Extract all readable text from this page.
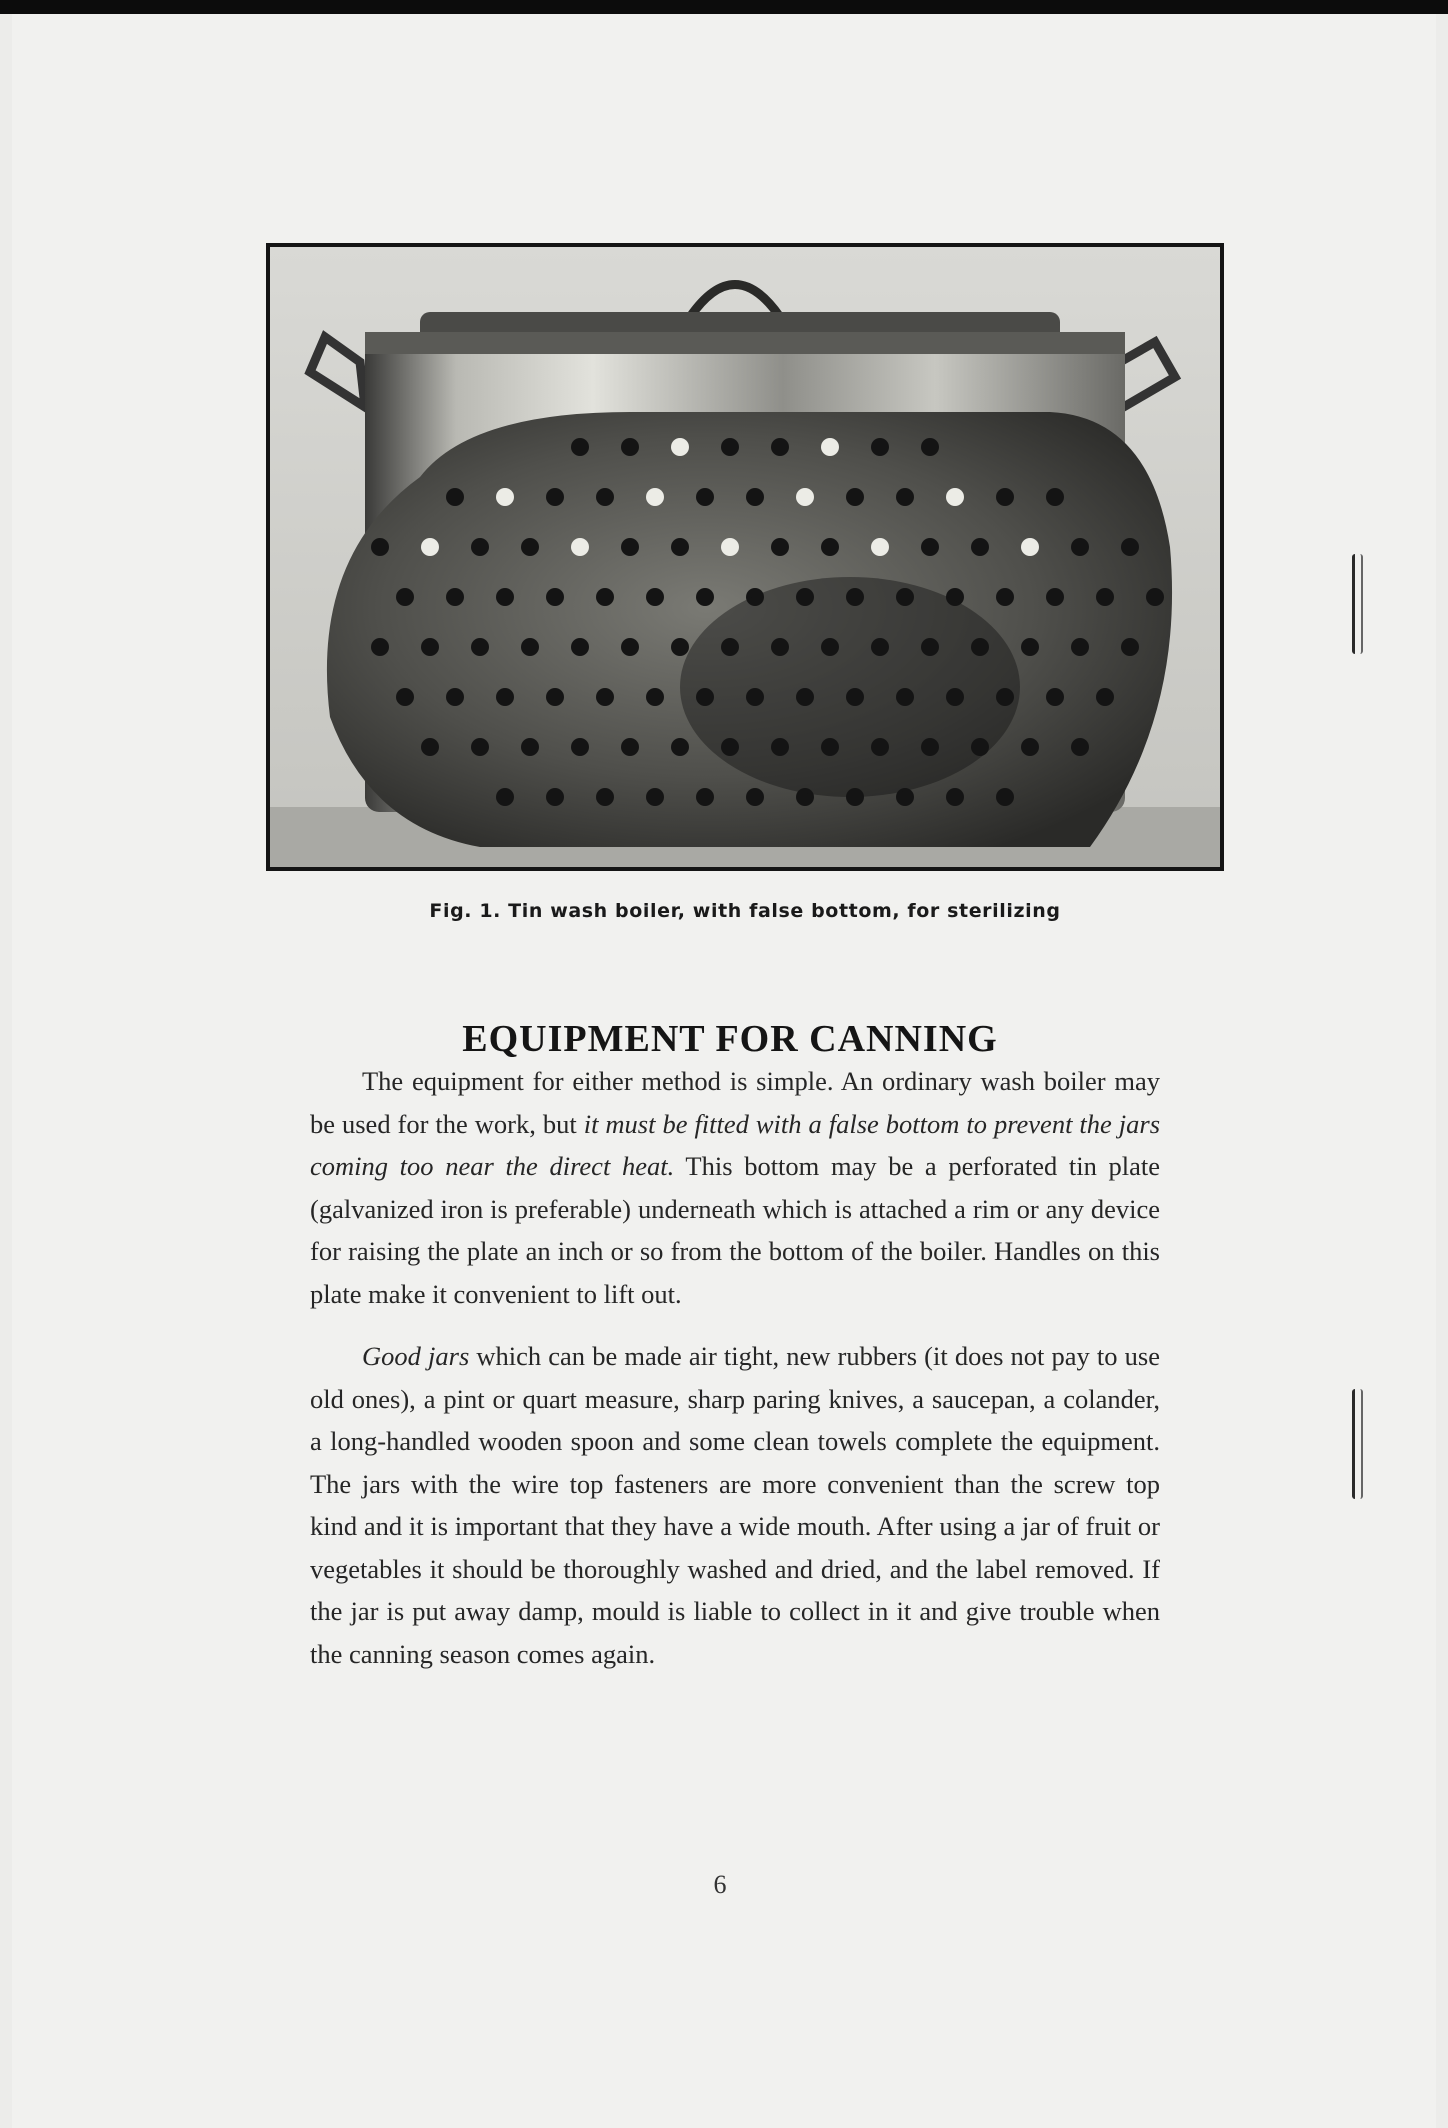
Fig. 1. Tin wash boiler, with false bottom, for sterilizing
EQUIPMENT FOR CANNING

The equipment for either method is simple. An ordinary wash boiler may be used for the work, but it must be fitted with a false bottom to prevent the jars coming too near the direct heat. This bottom may be a perforated tin plate (galvanized iron is preferable) underneath which is attached a rim or any device for raising the plate an inch or so from the bottom of the boiler. Handles on this plate make it convenient to lift out.

Good jars which can be made air tight, new rubbers (it does not pay to use old ones), a pint or quart measure, sharp paring knives, a saucepan, a colander, a long-handled wooden spoon and some clean towels complete the equipment. The jars with the wire top fasteners are more convenient than the screw top kind and it is important that they have a wide mouth. After using a jar of fruit or vegetables it should be thoroughly washed and dried, and the label removed. If the jar is put away damp, mould is liable to collect in it and give trouble when the canning season comes again.

6
